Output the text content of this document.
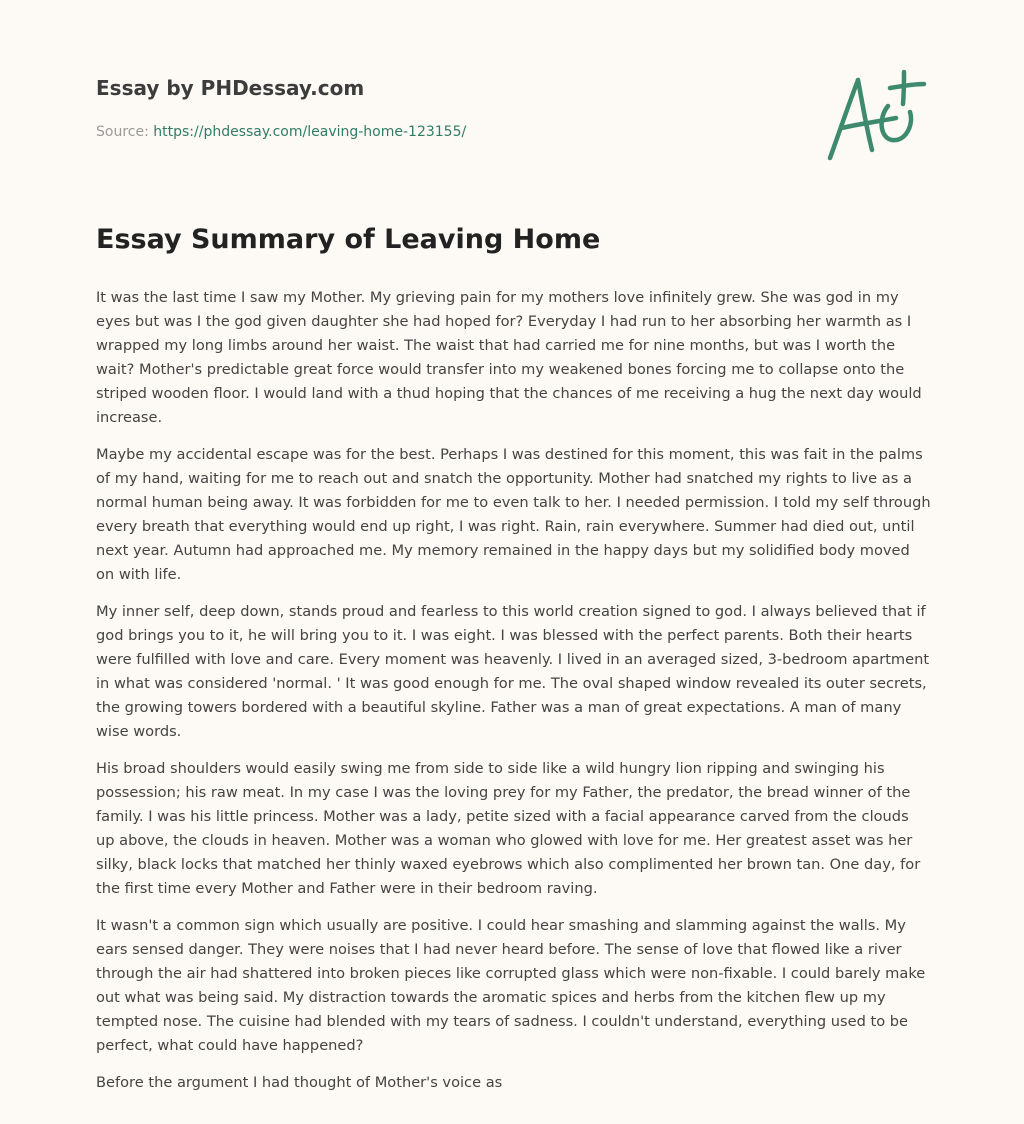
Essay by PHDessay.com
Source: https://phdessay.com/leaving-home-123155/
Essay Summary of Leaving Home

It was the last time I saw my Mother. My grieving pain for my mothers love infinitely grew. She was god in my eyes but was I the god given daughter she had hoped for? Everyday I had run to her absorbing her warmth as I wrapped my long limbs around her waist. The waist that had carried me for nine months, but was I worth the wait? Mother's predictable great force would transfer into my weakened bones forcing me to collapse onto the striped wooden floor. I would land with a thud hoping that the chances of me receiving a hug the next day would increase.

Maybe my accidental escape was for the best. Perhaps I was destined for this moment, this was fait in the palms of my hand, waiting for me to reach out and snatch the opportunity. Mother had snatched my rights to live as a normal human being away. It was forbidden for me to even talk to her. I needed permission. I told my self through every breath that everything would end up right, I was right. Rain, rain everywhere. Summer had died out, until next year. Autumn had approached me. My memory remained in the happy days but my solidified body moved on with life.

My inner self, deep down, stands proud and fearless to this world creation signed to god. I always believed that if god brings you to it, he will bring you to it. I was eight. I was blessed with the perfect parents. Both their hearts were fulfilled with love and care. Every moment was heavenly. I lived in an averaged sized, 3-bedroom apartment in what was considered 'normal. ' It was good enough for me. The oval shaped window revealed its outer secrets, the growing towers bordered with a beautiful skyline. Father was a man of great expectations. A man of many wise words.

His broad shoulders would easily swing me from side to side like a wild hungry lion ripping and swinging his possession; his raw meat. In my case I was the loving prey for my Father, the predator, the bread winner of the family. I was his little princess. Mother was a lady, petite sized with a facial appearance carved from the clouds up above, the clouds in heaven. Mother was a woman who glowed with love for me. Her greatest asset was her silky, black locks that matched her thinly waxed eyebrows which also complimented her brown tan. One day, for the first time every Mother and Father were in their bedroom raving.

It wasn't a common sign which usually are positive. I could hear smashing and slamming against the walls. My ears sensed danger. They were noises that I had never heard before. The sense of love that flowed like a river through the air had shattered into broken pieces like corrupted glass which were non-fixable. I could barely make out what was being said. My distraction towards the aromatic spices and herbs from the kitchen flew up my tempted nose. The cuisine had blended with my tears of sadness. I couldn't understand, everything used to be perfect, what could have happened?

Before the argument I had thought of Mother's voice as
